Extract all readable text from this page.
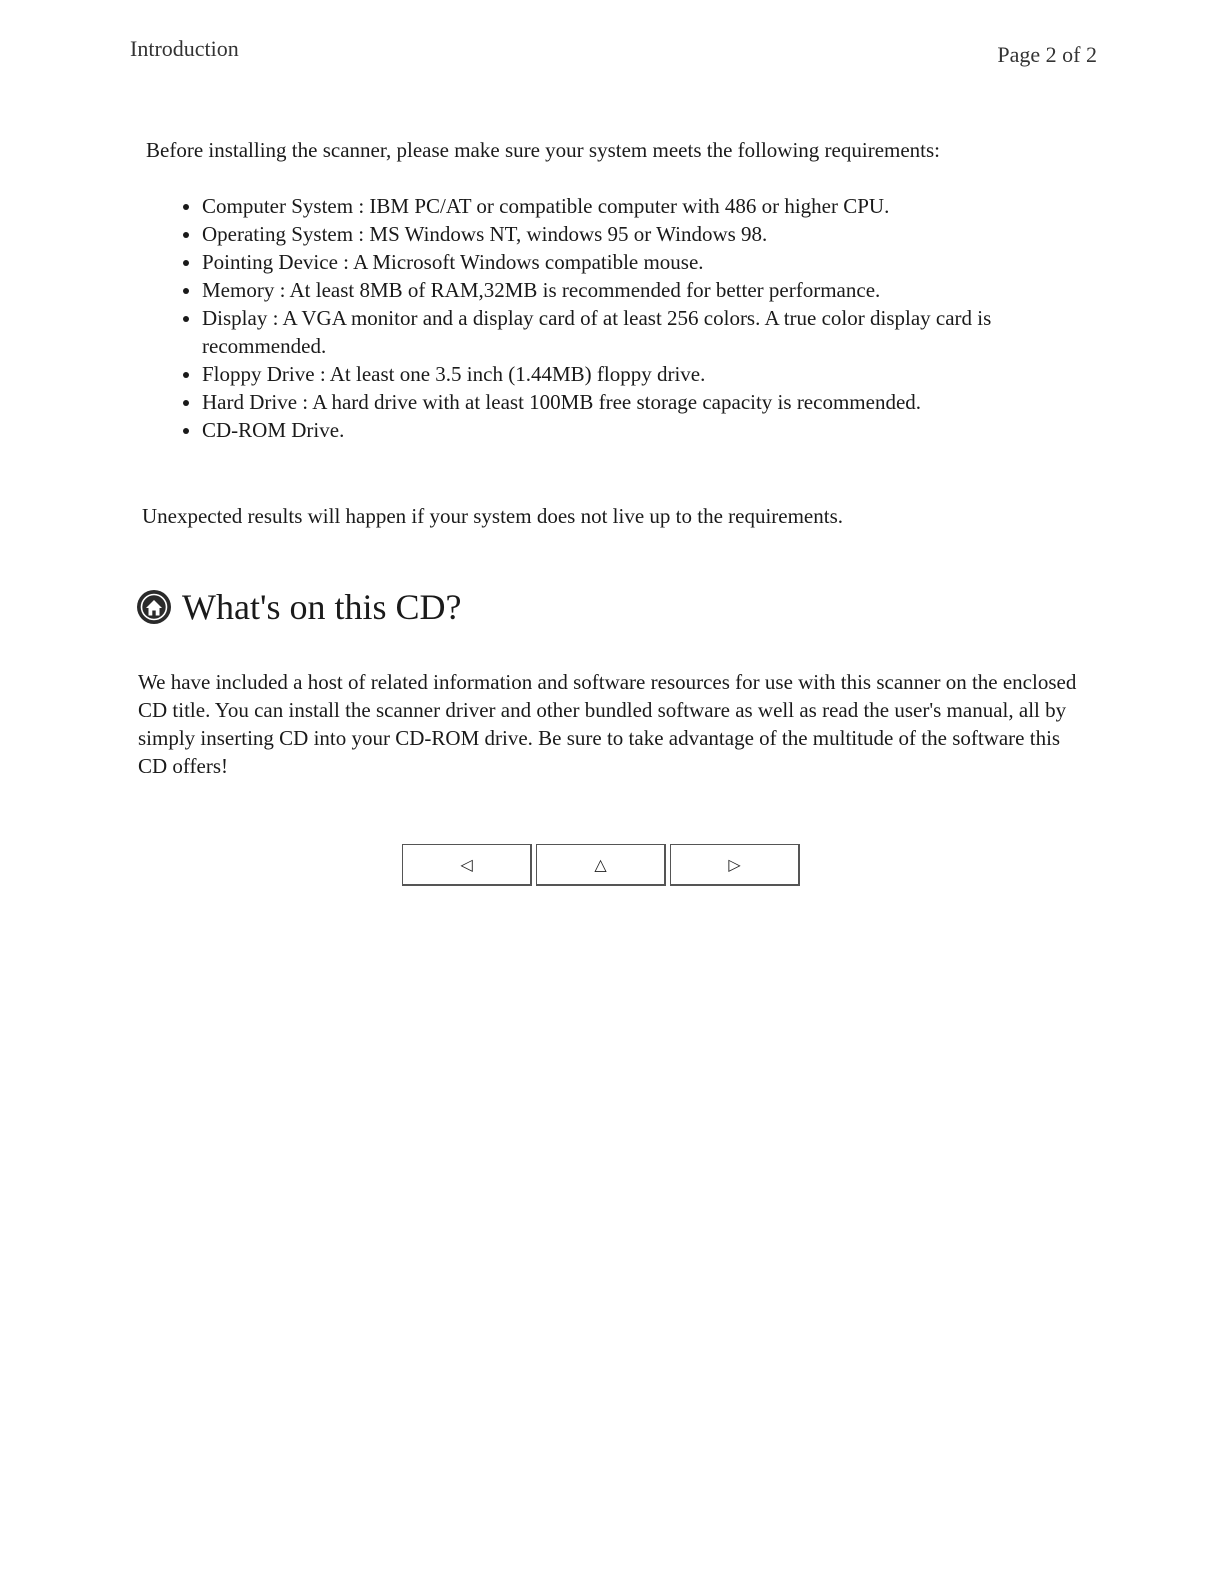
Introduction	Page 2 of 2

Before installing the scanner, please make sure your system meets the following requirements:

• Computer System : IBM PC/AT or compatible computer with 486 or higher CPU.
• Operating System : MS Windows NT, windows 95 or Windows 98.
• Pointing Device : A Microsoft Windows compatible mouse.
• Memory : At least 8MB of RAM,32MB is recommended for better performance.
• Display : A VGA monitor and a display card of at least 256 colors. A true color display card is recommended.
• Floppy Drive : At least one 3.5 inch (1.44MB) floppy drive.
• Hard Drive : A hard drive with at least 100MB free storage capacity is recommended.
• CD-ROM Drive.

Unexpected results will happen if your system does not live up to the requirements.

What's on this CD?

We have included a host of related information and software resources for use with this scanner on the enclosed CD title. You can install the scanner driver and other bundled software as well as read the user's manual, all by simply inserting CD into your CD-ROM drive. Be sure to take advantage of the multitude of the software this CD offers!

◁	△	▷
